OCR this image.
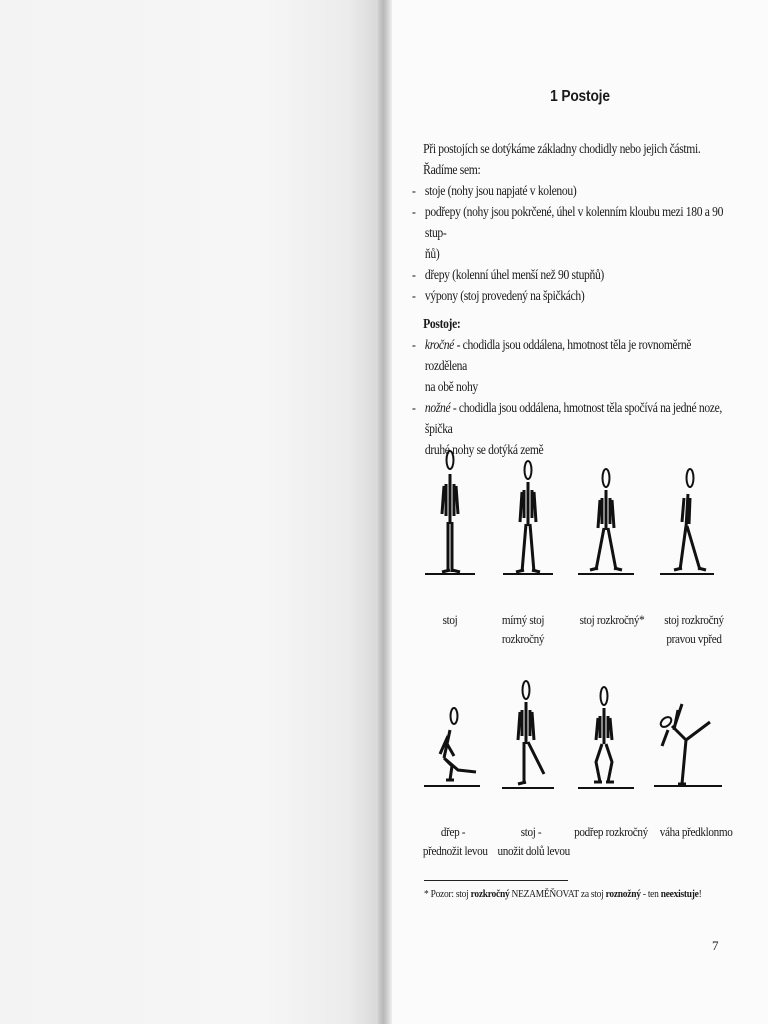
1 Postoje

Při postojích se dotýkáme základny chodidly nebo jejich částmi.

Řadíme sem:

- stoje (nohy jsou napjaté v kolenou)
- podřepy (nohy jsou pokrčené, úhel v kolenním kloubu mezi 180 a 90 stup-
ňů)
- dřepy (kolenní úhel menší než 90 stupňů)
- výpony (stoj provedený na špičkách)

Postoje:

- kročné - chodidla jsou oddálena, hmotnost těla je rovnoměrně rozdělena
na obě nohy
- nožné - chodidla jsou oddálena, hmotnost těla spočívá na jedné noze, špička
druhé nohy se dotýká země
stoj	mírný stoj
rozkročný
stoj rozkročný*	stoj rozkročný
pravou vpřed
dřep -
přednožit levou
stoj -
unožit dolů levou
podřep rozkročný váha předklonmo
* Pozor: stoj rozkročný NEZAMĚŇOVAT za stoj roznožný - ten neexistuje!
7
